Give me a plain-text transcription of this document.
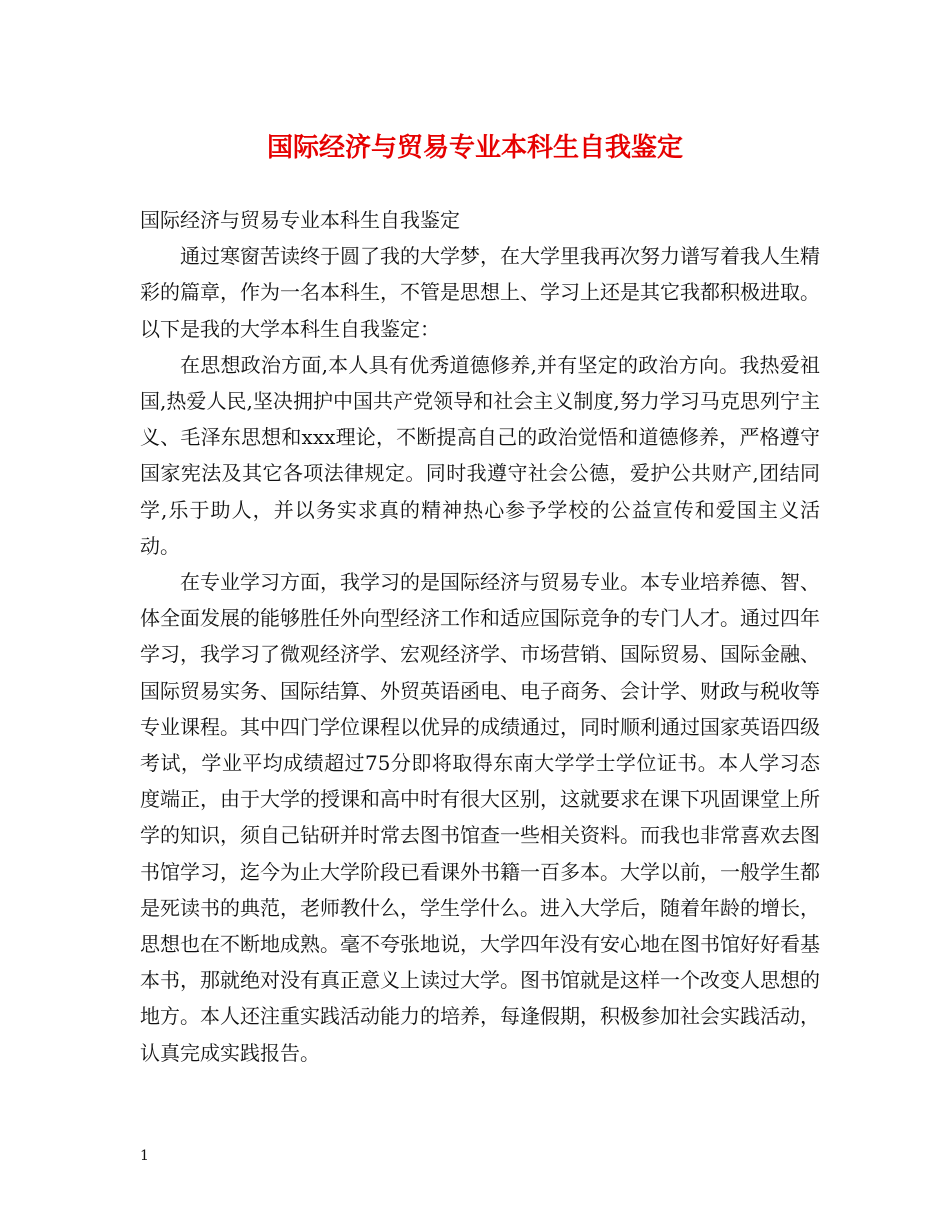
国际经济与贸易专业本科生自我鉴定

国际经济与贸易专业本科生自我鉴定

通过寒窗苦读终于圆了我的大学梦，在大学里我再次努力谱写着我人生精彩的篇章，作为一名本科生，不管是思想上、学习上还是其它我都积极进取。以下是我的大学本科生自我鉴定：

在思想政治方面,本人具有优秀道德修养,并有坚定的政治方向。我热爱祖国,热爱人民,坚决拥护中国共产党领导和社会主义制度,努力学习马克思列宁主义、毛泽东思想和xxx理论，不断提高自己的政治觉悟和道德修养，严格遵守国家宪法及其它各项法律规定。同时我遵守社会公德，爱护公共财产,团结同学,乐于助人，并以务实求真的精神热心参予学校的公益宣传和爱国主义活动。

在专业学习方面，我学习的是国际经济与贸易专业。本专业培养德、智、体全面发展的能够胜任外向型经济工作和适应国际竞争的专门人才。通过四年学习，我学习了微观经济学、宏观经济学、市场营销、国际贸易、国际金融、国际贸易实务、国际结算、外贸英语函电、电子商务、会计学、财政与税收等专业课程。其中四门学位课程以优异的成绩通过，同时顺利通过国家英语四级考试，学业平均成绩超过75分即将取得东南大学学士学位证书。本人学习态度端正，由于大学的授课和高中时有很大区别，这就要求在课下巩固课堂上所学的知识，须自己钻研并时常去图书馆查一些相关资料。而我也非常喜欢去图书馆学习，迄今为止大学阶段已看课外书籍一百多本。大学以前，一般学生都是死读书的典范，老师教什么，学生学什么。进入大学后，随着年龄的增长，思想也在不断地成熟。毫不夸张地说，大学四年没有安心地在图书馆好好看基本书，那就绝对没有真正意义上读过大学。图书馆就是这样一个改变人思想的地方。本人还注重实践活动能力的培养，每逢假期，积极参加社会实践活动，认真完成实践报告。

1
